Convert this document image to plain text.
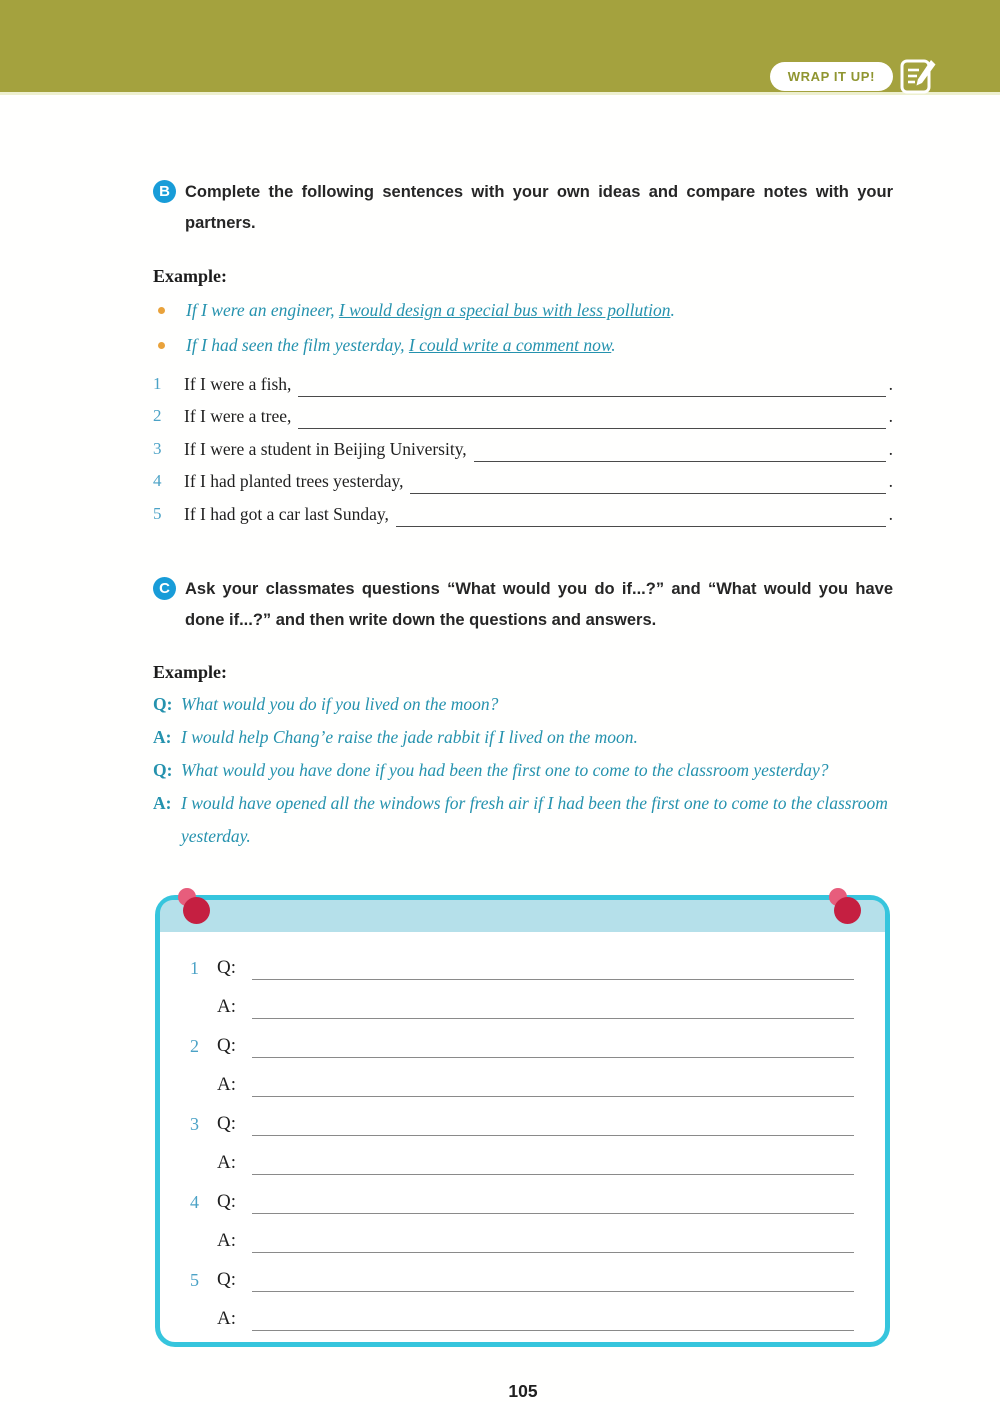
WRAP IT UP!
B Complete the following sentences with your own ideas and compare notes with your partners.
Example:
If I were an engineer, I would design a special bus with less pollution.
If I had seen the film yesterday, I could write a comment now.
1	If I were a fish,	.
2	If I were a tree,	.
3	If I were a student in Beijing University,	.
4	If I had planted trees yesterday,	.
5	If I had got a car last Sunday,	.
C Ask your classmates questions “What would you do if...?” and “What would you have done if...?” and then write down the questions and answers.
Example:
Q: What would you do if you lived on the moon?
A: I would help Chang’e raise the jade rabbit if I lived on the moon.
Q: What would you have done if you had been the first one to come to the classroom yesterday?
A: I would have opened all the windows for fresh air if I had been the first one to come to the classroom yesterday.
1 Q:
A:
2 Q:
A:
3 Q:
A:
4 Q:
A:
5 Q:
A:
105
